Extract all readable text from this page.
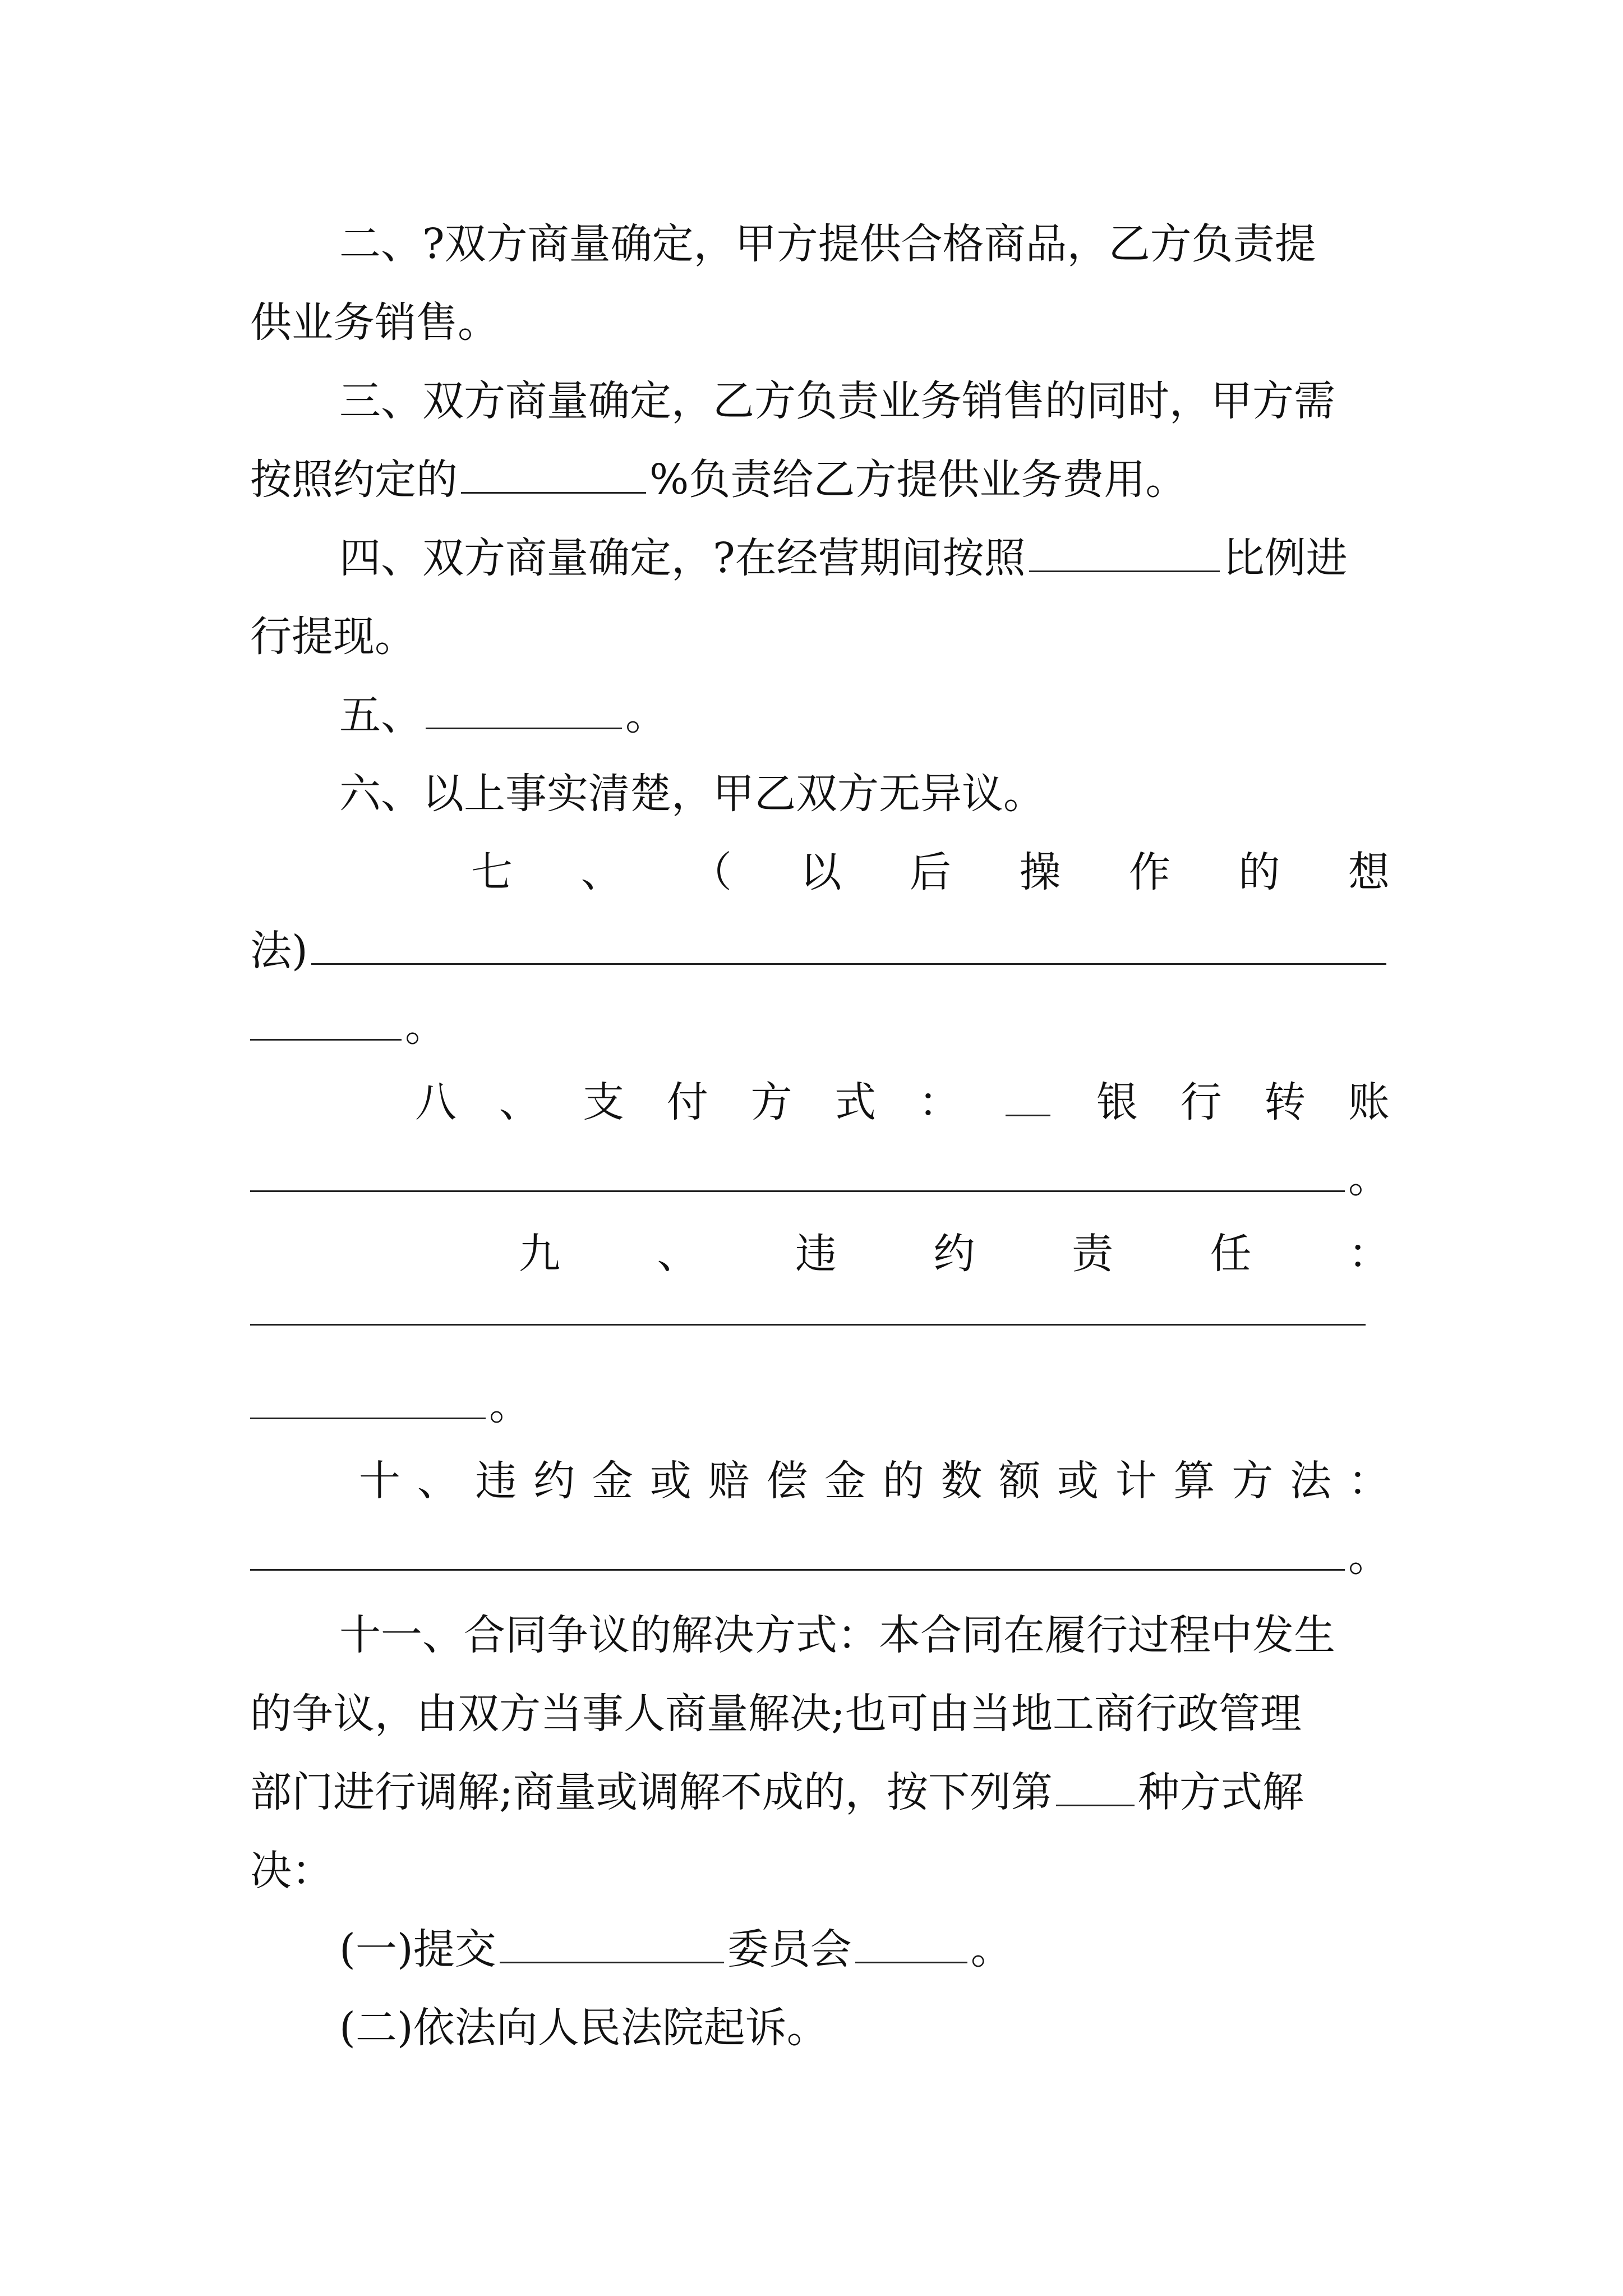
二、?双方商量确定，甲方提供合格商品，乙方负责提
供业务销售。
三、双方商量确定，乙方负责业务销售的同时，甲方需
按照约定的	%负责给乙方提供业务费用。
四、双方商量确定，?在经营期间按照	比例进
行提现。
五、	。
六、以上事实清楚，甲乙双方无异议。
七 、 （ 以 后 操 作 的 想
法)
。
八 、 支 付 方 式 ：	银 行 转 账
。
九 、 违 约 责 任 ：
。
十 、 违 约 金 或 赔 偿 金 的 数 额 或 计 算 方 法 ：
。
十一、合同争议的解决方式：本合同在履行过程中发生
的争议，由双方当事人商量解决;也可由当地工商行政管理
部门进行调解;商量或调解不成的，按下列第 种方式解
决：
(一)提交	委员会	。
(二)依法向人民法院起诉。
